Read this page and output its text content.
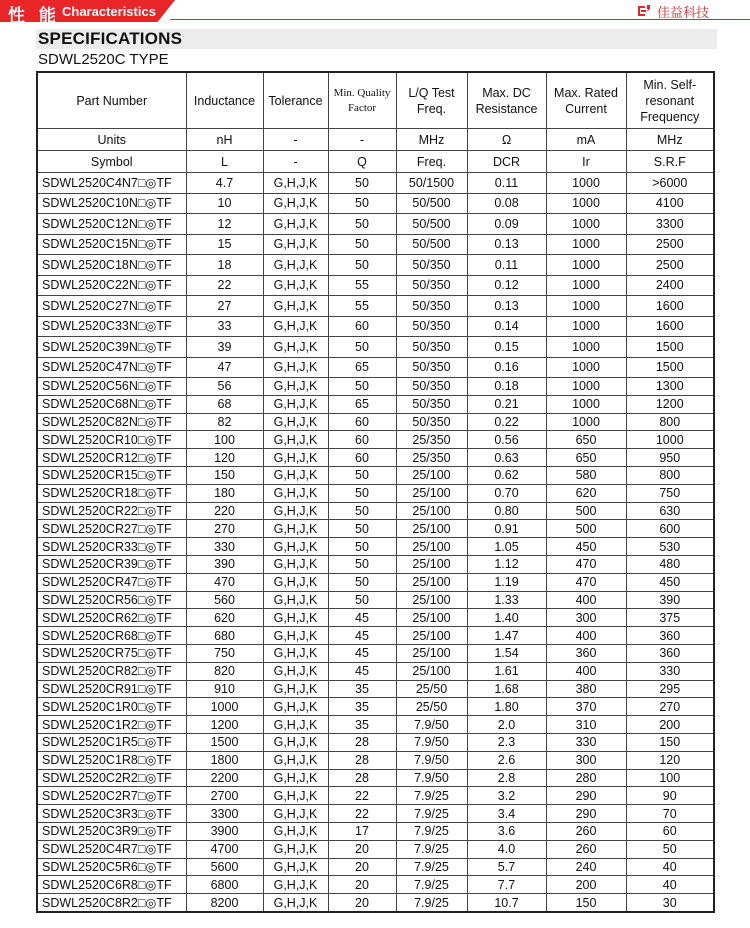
性 能 Characteristics	佳益科技
SPECIFICATIONS
SDWL2520C TYPE
Part Number	Inductance	Tolerance	Min. Quality Factor	L/Q Test Freq.	Max. DC Resistance	Max. Rated Current	Min. Self-resonant Frequency
Units	nH	-	-	MHz	Ω	mA	MHz
Symbol	L	-	Q	Freq.	DCR	Ir	S.R.F
SDWL2520C4N7□◎TF	4.7	G,H,J,K	50	50/1500	0.11	1000	>6000
SDWL2520C10N□◎TF	10	G,H,J,K	50	50/500	0.08	1000	4100
SDWL2520C12N□◎TF	12	G,H,J,K	50	50/500	0.09	1000	3300
SDWL2520C15N□◎TF	15	G,H,J,K	50	50/500	0.13	1000	2500
SDWL2520C18N□◎TF	18	G,H,J,K	50	50/350	0.11	1000	2500
SDWL2520C22N□◎TF	22	G,H,J,K	55	50/350	0.12	1000	2400
SDWL2520C27N□◎TF	27	G,H,J,K	55	50/350	0.13	1000	1600
SDWL2520C33N□◎TF	33	G,H,J,K	60	50/350	0.14	1000	1600
SDWL2520C39N□◎TF	39	G,H,J,K	50	50/350	0.15	1000	1500
SDWL2520C47N□◎TF	47	G,H,J,K	65	50/350	0.16	1000	1500
SDWL2520C56N□◎TF	56	G,H,J,K	50	50/350	0.18	1000	1300
SDWL2520C68N□◎TF	68	G,H,J,K	65	50/350	0.21	1000	1200
SDWL2520C82N□◎TF	82	G,H,J,K	60	50/350	0.22	1000	800
SDWL2520CR10□◎TF	100	G,H,J,K	60	25/350	0.56	650	1000
SDWL2520CR12□◎TF	120	G,H,J,K	60	25/350	0.63	650	950
SDWL2520CR15□◎TF	150	G,H,J,K	50	25/100	0.62	580	800
SDWL2520CR18□◎TF	180	G,H,J,K	50	25/100	0.70	620	750
SDWL2520CR22□◎TF	220	G,H,J,K	50	25/100	0.80	500	630
SDWL2520CR27□◎TF	270	G,H,J,K	50	25/100	0.91	500	600
SDWL2520CR33□◎TF	330	G,H,J,K	50	25/100	1.05	450	530
SDWL2520CR39□◎TF	390	G,H,J,K	50	25/100	1.12	470	480
SDWL2520CR47□◎TF	470	G,H,J,K	50	25/100	1.19	470	450
SDWL2520CR56□◎TF	560	G,H,J,K	50	25/100	1.33	400	390
SDWL2520CR62□◎TF	620	G,H,J,K	45	25/100	1.40	300	375
SDWL2520CR68□◎TF	680	G,H,J,K	45	25/100	1.47	400	360
SDWL2520CR75□◎TF	750	G,H,J,K	45	25/100	1.54	360	360
SDWL2520CR82□◎TF	820	G,H,J,K	45	25/100	1.61	400	330
SDWL2520CR91□◎TF	910	G,H,J,K	35	25/50	1.68	380	295
SDWL2520C1R0□◎TF	1000	G,H,J,K	35	25/50	1.80	370	270
SDWL2520C1R2□◎TF	1200	G,H,J,K	35	7.9/50	2.0	310	200
SDWL2520C1R5□◎TF	1500	G,H,J,K	28	7.9/50	2.3	330	150
SDWL2520C1R8□◎TF	1800	G,H,J,K	28	7.9/50	2.6	300	120
SDWL2520C2R2□◎TF	2200	G,H,J,K	28	7.9/50	2.8	280	100
SDWL2520C2R7□◎TF	2700	G,H,J,K	22	7.9/25	3.2	290	90
SDWL2520C3R3□◎TF	3300	G,H,J,K	22	7.9/25	3.4	290	70
SDWL2520C3R9□◎TF	3900	G,H,J,K	17	7.9/25	3.6	260	60
SDWL2520C4R7□◎TF	4700	G,H,J,K	20	7.9/25	4.0	260	50
SDWL2520C5R6□◎TF	5600	G,H,J,K	20	7.9/25	5.7	240	40
SDWL2520C6R8□◎TF	6800	G,H,J,K	20	7.9/25	7.7	200	40
SDWL2520C8R2□◎TF	8200	G,H,J,K	20	7.9/25	10.7	150	30
